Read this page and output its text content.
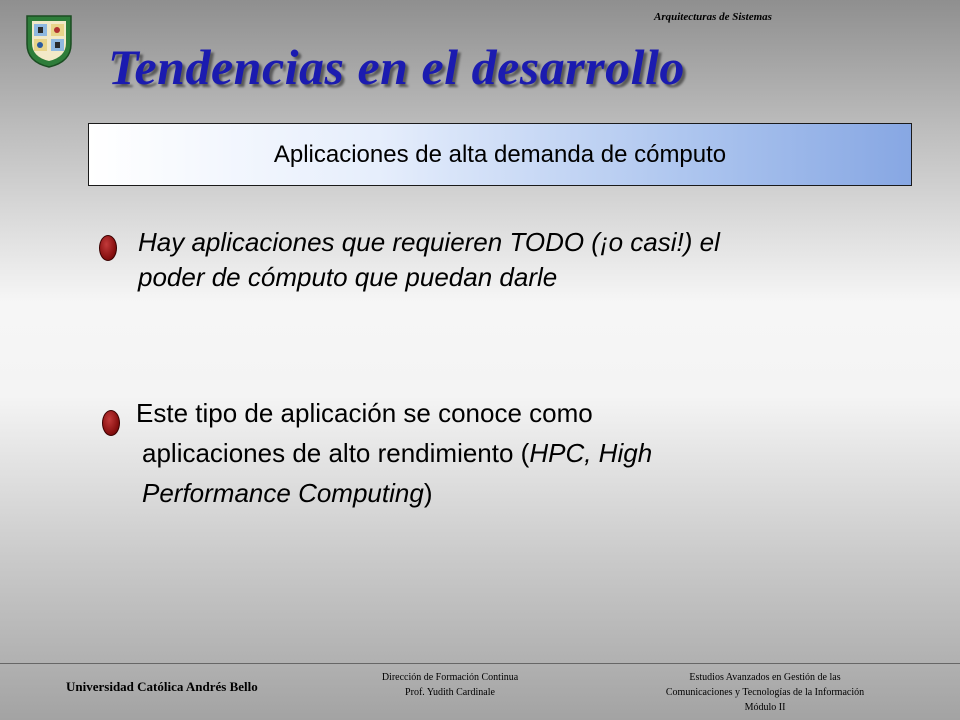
Arquitecturas de Sistemas
Tendencias en el desarrollo
Aplicaciones de alta demanda de cómputo
Hay aplicaciones que requieren TODO (¡o casi!) el
poder de cómputo que puedan darle
Este tipo de aplicación se conoce como
aplicaciones de alto rendimiento (HPC, High
Performance Computing)
Universidad Católica Andrés Bello
Dirección de Formación Continua
Prof. Yudith Cardinale
Estudios Avanzados en Gestión de las
Comunicaciones y Tecnologías de la Información
Módulo II
